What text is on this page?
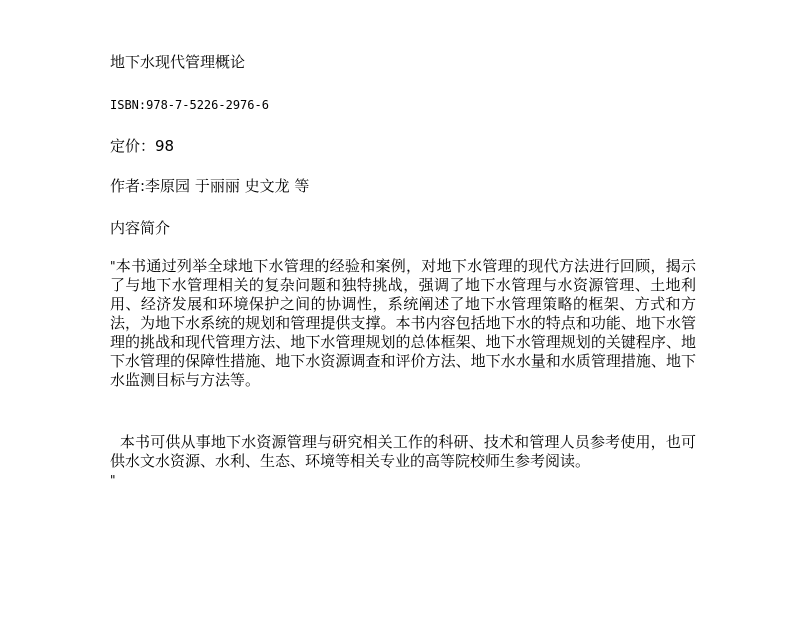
地下水现代管理概论
ISBN:978-7-5226-2976-6
定价：98
作者:李原园 于丽丽 史文龙 等
内容简介
"本书通过列举全球地下水管理的经验和案例，对地下水管理的现代方法进行回顾，揭示了与地下水管理相关的复杂问题和独特挑战，强调了地下水管理与水资源管理、土地利用、经济发展和环境保护之间的协调性，系统阐述了地下水管理策略的框架、方式和方法，为地下水系统的规划和管理提供支撑。本书内容包括地下水的特点和功能、地下水管理的挑战和现代管理方法、地下水管理规划的总体框架、地下水管理规划的关键程序、地下水管理的保障性措施、地下水资源调查和评价方法、地下水水量和水质管理措施、地下水监测目标与方法等。
本书可供从事地下水资源管理与研究相关工作的科研、技术和管理人员参考使用，也可供水文水资源、水利、生态、环境等相关专业的高等院校师生参考阅读。
"
